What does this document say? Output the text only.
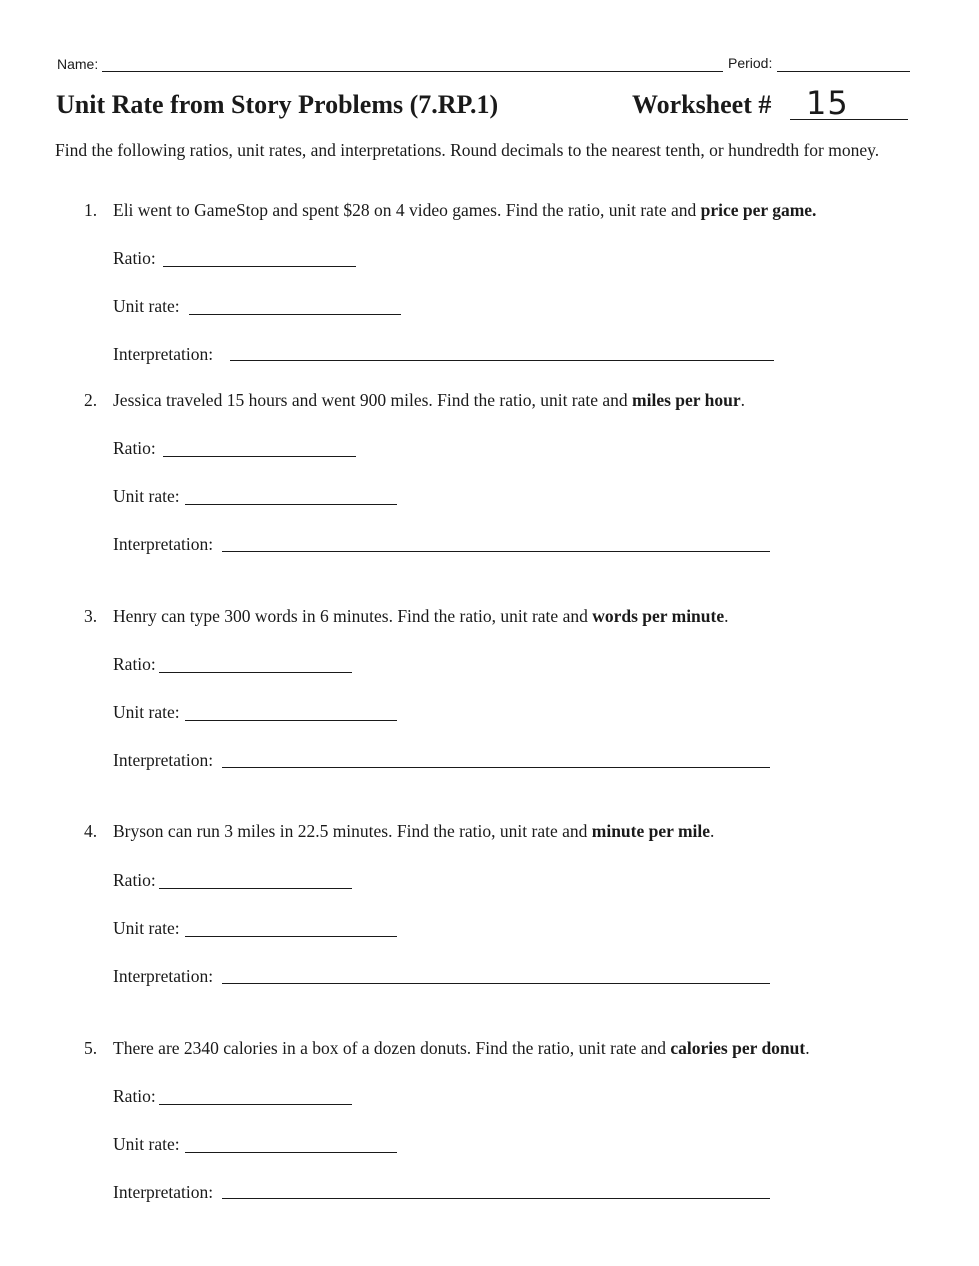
Name:	Period:
Unit Rate from Story Problems (7.RP.1)	Worksheet # 15
Find the following ratios, unit rates, and interpretations. Round decimals to the nearest tenth, or hundredth for money.
1. Eli went to GameStop and spent $28 on 4 video games. Find the ratio, unit rate and price per game.
Ratio:
Unit rate:
Interpretation:
2. Jessica traveled 15 hours and went 900 miles. Find the ratio, unit rate and miles per hour.
Ratio:
Unit rate:
Interpretation:
3. Henry can type 300 words in 6 minutes. Find the ratio, unit rate and words per minute.
Ratio:
Unit rate:
Interpretation:
4. Bryson can run 3 miles in 22.5 minutes. Find the ratio, unit rate and minute per mile.
Ratio:
Unit rate:
Interpretation:
5. There are 2340 calories in a box of a dozen donuts. Find the ratio, unit rate and calories per donut.
Ratio:
Unit rate:
Interpretation:
